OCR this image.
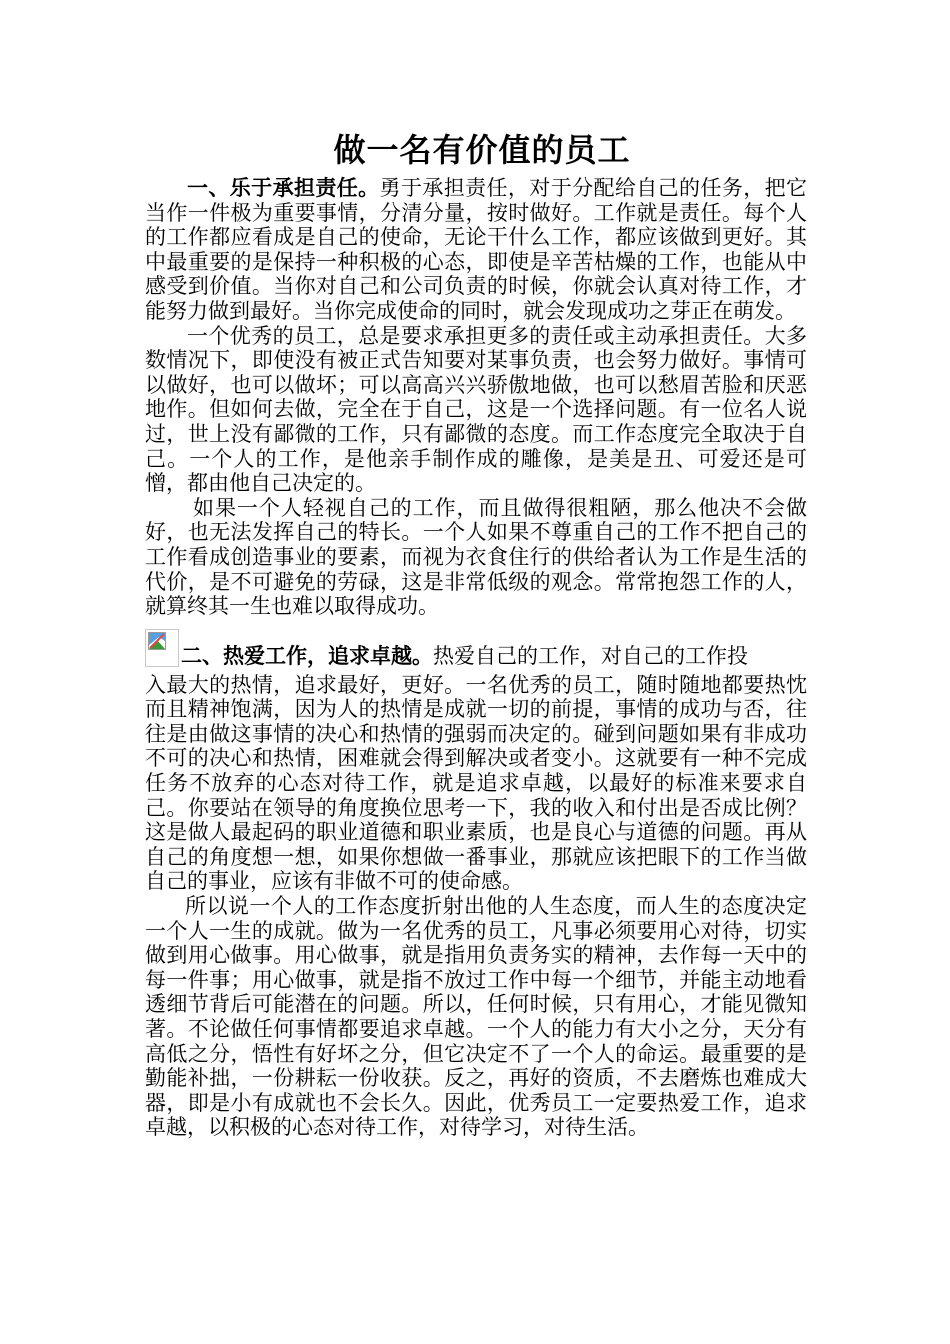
做一名有价值的员工

一、乐于承担责任。勇于承担责任，对于分配给自己的任务，把它当作一件极为重要事情，分清分量，按时做好。工作就是责任。每个人的工作都应看成是自己的使命，无论干什么工作，都应该做到更好。其中最重要的是保持一种积极的心态，即使是辛苦枯燥的工作，也能从中感受到价值。当你对自己和公司负责的时候，你就会认真对待工作，才能努力做到最好。当你完成使命的同时，就会发现成功之芽正在萌发。

一个优秀的员工，总是要求承担更多的责任或主动承担责任。大多数情况下，即使没有被正式告知要对某事负责，也会努力做好。事情可以做好，也可以做坏；可以高高兴兴骄傲地做，也可以愁眉苦脸和厌恶地作。但如何去做，完全在于自己，这是一个选择问题。有一位名人说过，世上没有鄙微的工作，只有鄙微的态度。而工作态度完全取决于自己。一个人的工作，是他亲手制作成的雕像，是美是丑、可爱还是可憎，都由他自己决定的。

如果一个人轻视自己的工作，而且做得很粗陋，那么他决不会做好，也无法发挥自己的特长。一个人如果不尊重自己的工作不把自己的工作看成创造事业的要素，而视为衣食住行的供给者认为工作是生活的代价，是不可避免的劳碌，这是非常低级的观念。常常抱怨工作的人，就算终其一生也难以取得成功。

二、热爱工作，追求卓越。热爱自己的工作，对自己的工作投
入最大的热情，追求最好，更好。一名优秀的员工，随时随地都要热忱而且精神饱满，因为人的热情是成就一切的前提，事情的成功与否，往往是由做这事情的决心和热情的强弱而决定的。碰到问题如果有非成功不可的决心和热情，困难就会得到解决或者变小。这就要有一种不完成任务不放弃的心态对待工作，就是追求卓越，以最好的标准来要求自己。你要站在领导的角度换位思考一下，我的收入和付出是否成比例？这是做人最起码的职业道德和职业素质，也是良心与道德的问题。再从自己的角度想一想，如果你想做一番事业，那就应该把眼下的工作当做自己的事业，应该有非做不可的使命感。

所以说一个人的工作态度折射出他的人生态度，而人生的态度决定一个人一生的成就。做为一名优秀的员工，凡事必须要用心对待，切实做到用心做事。用心做事，就是指用负责务实的精神，去作每一天中的每一件事；用心做事，就是指不放过工作中每一个细节，并能主动地看透细节背后可能潜在的问题。所以，任何时候，只有用心，才能见微知著。不论做任何事情都要追求卓越。一个人的能力有大小之分，天分有高低之分，悟性有好坏之分，但它决定不了一个人的命运。最重要的是勤能补拙，一份耕耘一份收获。反之，再好的资质，不去磨炼也难成大器，即是小有成就也不会长久。因此，优秀员工一定要热爱工作，追求卓越，以积极的心态对待工作，对待学习，对待生活。
